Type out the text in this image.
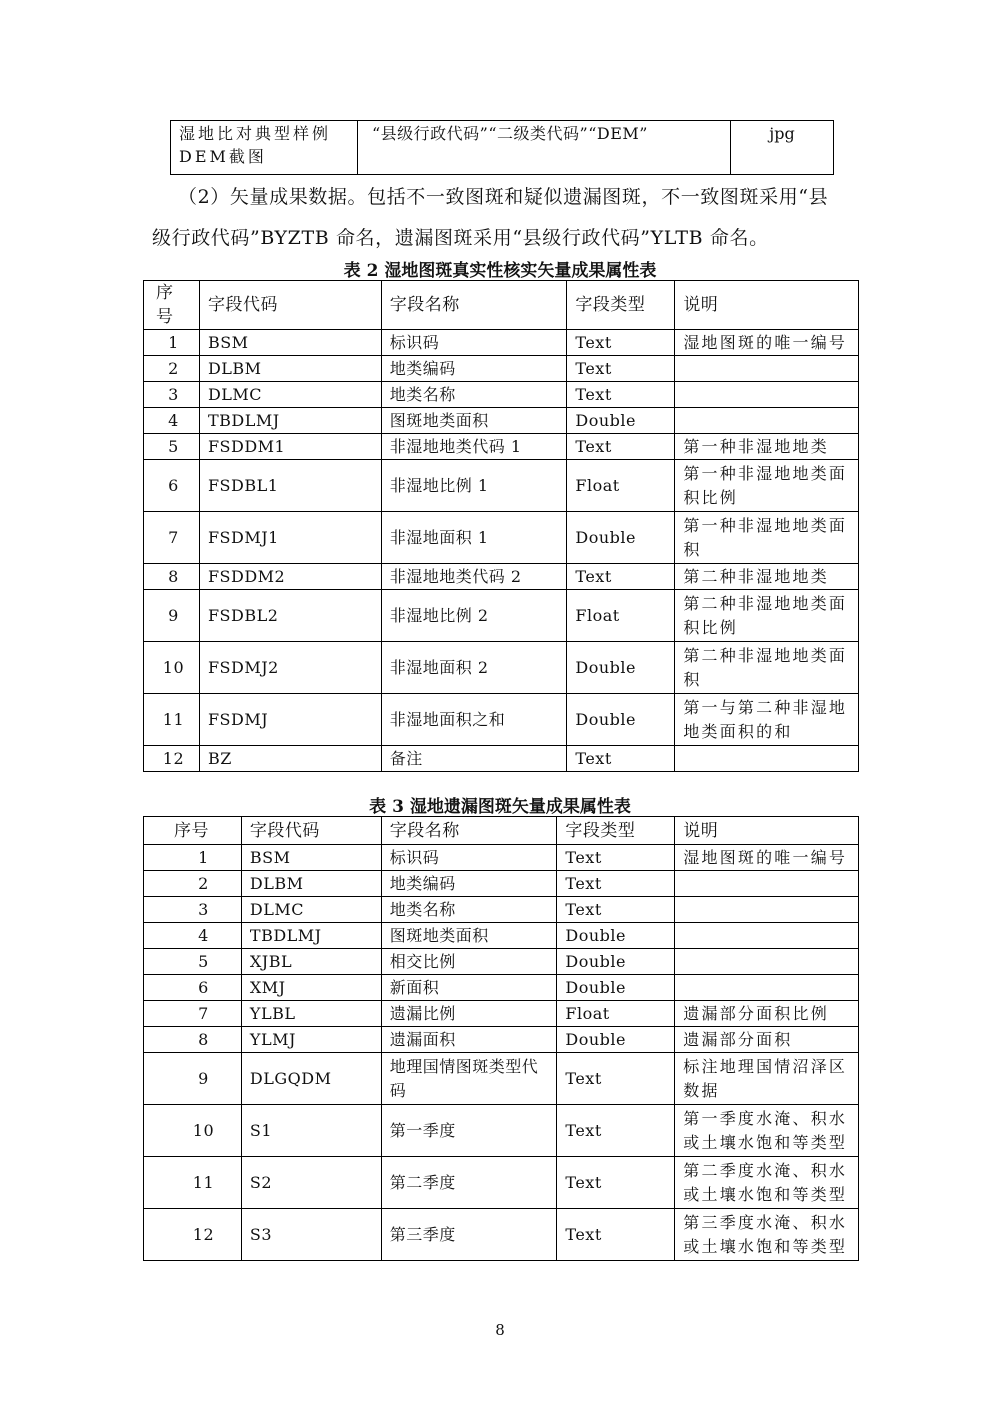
湿地比对典型样例DEM截图	“县级行政代码”“二级类代码”“DEM”	jpg
（2）矢量成果数据。包括不一致图斑和疑似遗漏图斑，不一致图斑采用“县
级行政代码”BYZTB 命名，遗漏图斑采用“县级行政代码”YLTB 命名。
表 2 湿地图斑真实性核实矢量成果属性表
序号	字段代码	字段名称	字段类型	说明
1	BSM	标识码	Text	湿地图斑的唯一编号
2	DLBM	地类编码	Text	
3	DLMC	地类名称	Text	
4	TBDLMJ	图斑地类面积	Double	
5	FSDDM1	非湿地地类代码 1	Text	第一种非湿地地类
6	FSDBL1	非湿地比例 1	Float	第一种非湿地地类面积比例
7	FSDMJ1	非湿地面积 1	Double	第一种非湿地地类面积
8	FSDDM2	非湿地地类代码 2	Text	第二种非湿地地类
9	FSDBL2	非湿地比例 2	Float	第二种非湿地地类面积比例
10	FSDMJ2	非湿地面积 2	Double	第二种非湿地地类面积
11	FSDMJ	非湿地面积之和	Double	第一与第二种非湿地地类面积的和
12	BZ	备注	Text	
表 3 湿地遗漏图斑矢量成果属性表
序号	字段代码	字段名称	字段类型	说明
1	BSM	标识码	Text	湿地图斑的唯一编号
2	DLBM	地类编码	Text	
3	DLMC	地类名称	Text	
4	TBDLMJ	图斑地类面积	Double	
5	XJBL	相交比例	Double	
6	XMJ	新面积	Double	
7	YLBL	遗漏比例	Float	遗漏部分面积比例
8	YLMJ	遗漏面积	Double	遗漏部分面积
9	DLGQDM	地理国情图斑类型代码	Text	标注地理国情沼泽区数据
10	S1	第一季度	Text	第一季度水淹、积水或土壤水饱和等类型
11	S2	第二季度	Text	第二季度水淹、积水或土壤水饱和等类型
12	S3	第三季度	Text	第三季度水淹、积水或土壤水饱和等类型
8
